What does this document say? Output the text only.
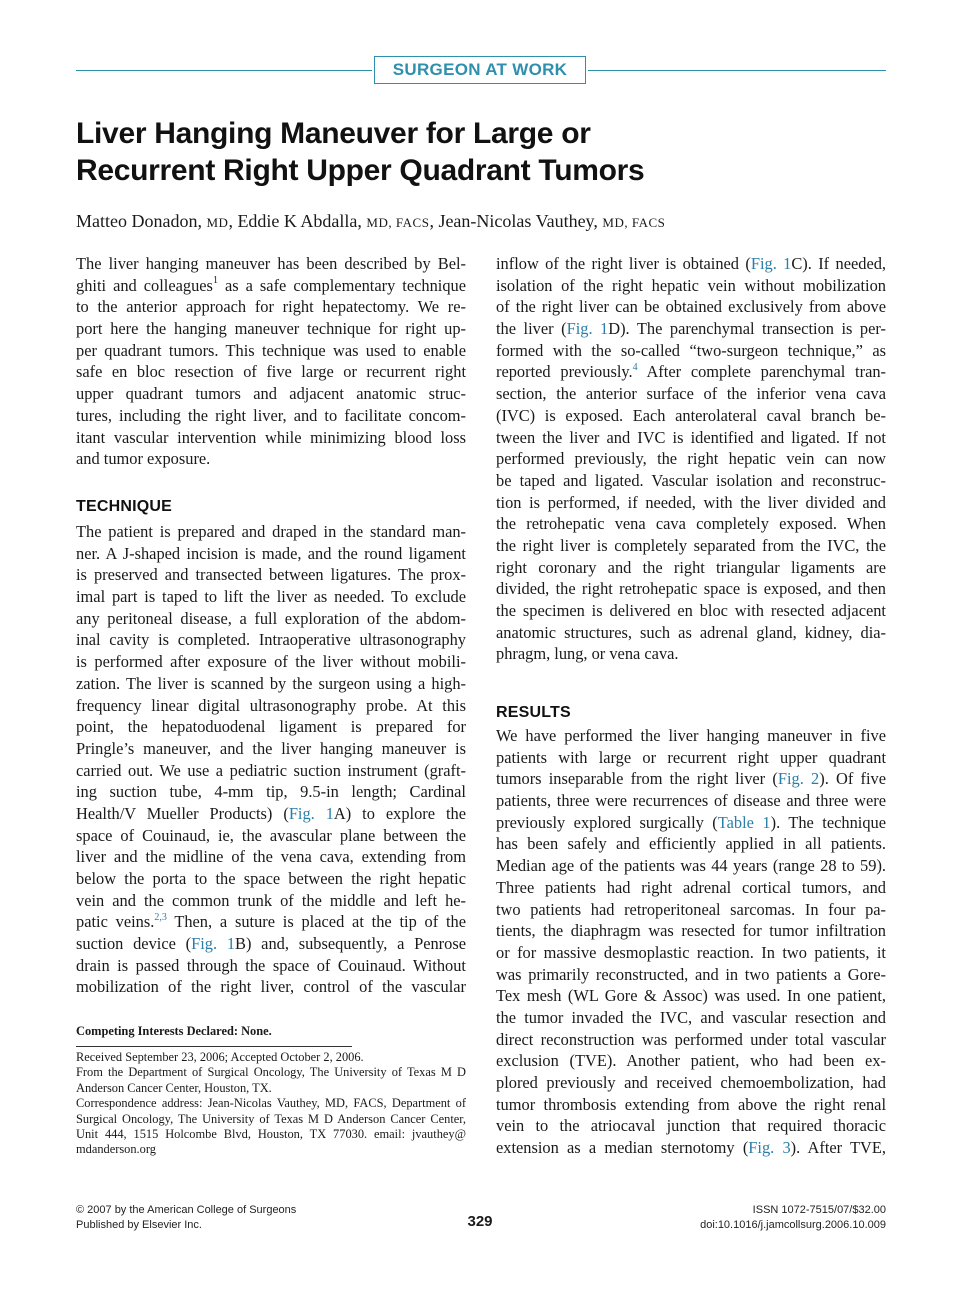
SURGEON AT WORK
Liver Hanging Maneuver for Large or
Recurrent Right Upper Quadrant Tumors
Matteo Donadon, MD, Eddie K Abdalla, MD, FACS, Jean-Nicolas Vauthey, MD, FACS
The liver hanging maneuver has been described by Bel-
ghiti and colleagues$^1$ as a safe complementary technique
to the anterior approach for right hepatectomy. We re-
port here the hanging maneuver technique for right up-
per quadrant tumors. This technique was used to enable
safe en bloc resection of five large or recurrent right
upper quadrant tumors and adjacent anatomic struc-
tures, including the right liver, and to facilitate concom-
itant vascular intervention while minimizing blood loss
and tumor exposure.
TECHNIQUE
The patient is prepared and draped in the standard man-
ner. A J-shaped incision is made, and the round ligament
is preserved and transected between ligatures. The prox-
imal part is taped to lift the liver as needed. To exclude
any peritoneal disease, a full exploration of the abdom-
inal cavity is completed. Intraoperative ultrasonography
is performed after exposure of the liver without mobili-
zation. The liver is scanned by the surgeon using a high-
frequency linear digital ultrasonography probe. At this
point, the hepatoduodenal ligament is prepared for
Pringle’s maneuver, and the liver hanging maneuver is
carried out. We use a pediatric suction instrument (graft-
ing suction tube, 4-mm tip, 9.5-in length; Cardinal
Health/V Mueller Products) (Fig. 1A) to explore the
space of Couinaud, ie, the avascular plane between the
liver and the midline of the vena cava, extending from
below the porta to the space between the right hepatic
vein and the common trunk of the middle and left he-
patic veins.$^{2,3}$ Then, a suture is placed at the tip of the
suction device (Fig. 1B) and, subsequently, a Penrose
drain is passed through the space of Couinaud. Without
mobilization of the right liver, control of the vascular
Competing Interests Declared: None.
Received September 23, 2006; Accepted October 2, 2006.
From the Department of Surgical Oncology, The University of Texas M D
Anderson Cancer Center, Houston, TX.
Correspondence address: Jean-Nicolas Vauthey, MD, FACS, Department of
Surgical Oncology, The University of Texas M D Anderson Cancer Center,
Unit 444, 1515 Holcombe Blvd, Houston, TX 77030. email: jvauthey@
mdanderson.org
inflow of the right liver is obtained (Fig. 1C). If needed,
isolation of the right hepatic vein without mobilization
of the right liver can be obtained exclusively from above
the liver (Fig. 1D). The parenchymal transection is per-
formed with the so-called “two-surgeon technique,” as
reported previously.$^4$ After complete parenchymal tran-
section, the anterior surface of the inferior vena cava
(IVC) is exposed. Each anterolateral caval branch be-
tween the liver and IVC is identified and ligated. If not
performed previously, the right hepatic vein can now
be taped and ligated. Vascular isolation and reconstruc-
tion is performed, if needed, with the liver divided and
the retrohepatic vena cava completely exposed. When
the right liver is completely separated from the IVC, the
right coronary and the right triangular ligaments are
divided, the right retrohepatic space is exposed, and then
the specimen is delivered en bloc with resected adjacent
anatomic structures, such as adrenal gland, kidney, dia-
phragm, lung, or vena cava.
RESULTS
We have performed the liver hanging maneuver in five
patients with large or recurrent right upper quadrant
tumors inseparable from the right liver (Fig. 2). Of five
patients, three were recurrences of disease and three were
previously explored surgically (Table 1). The technique
has been safely and efficiently applied in all patients.
Median age of the patients was 44 years (range 28 to 59).
Three patients had right adrenal cortical tumors, and
two patients had retroperitoneal sarcomas. In four pa-
tients, the diaphragm was resected for tumor infiltration
or for massive desmoplastic reaction. In two patients, it
was primarily reconstructed, and in two patients a Gore-
Tex mesh (WL Gore & Assoc) was used. In one patient,
the tumor invaded the IVC, and vascular resection and
direct reconstruction was performed under total vascular
exclusion (TVE). Another patient, who had been ex-
plored previously and received chemoembolization, had
tumor thrombosis extending from above the right renal
vein to the atriocaval junction that required thoracic
extension as a median sternotomy (Fig. 3). After TVE,
© 2007 by the American College of Surgeons
Published by Elsevier Inc.	329
ISSN 1072-7515/07/$32.00
doi:10.1016/j.jamcollsurg.2006.10.009
